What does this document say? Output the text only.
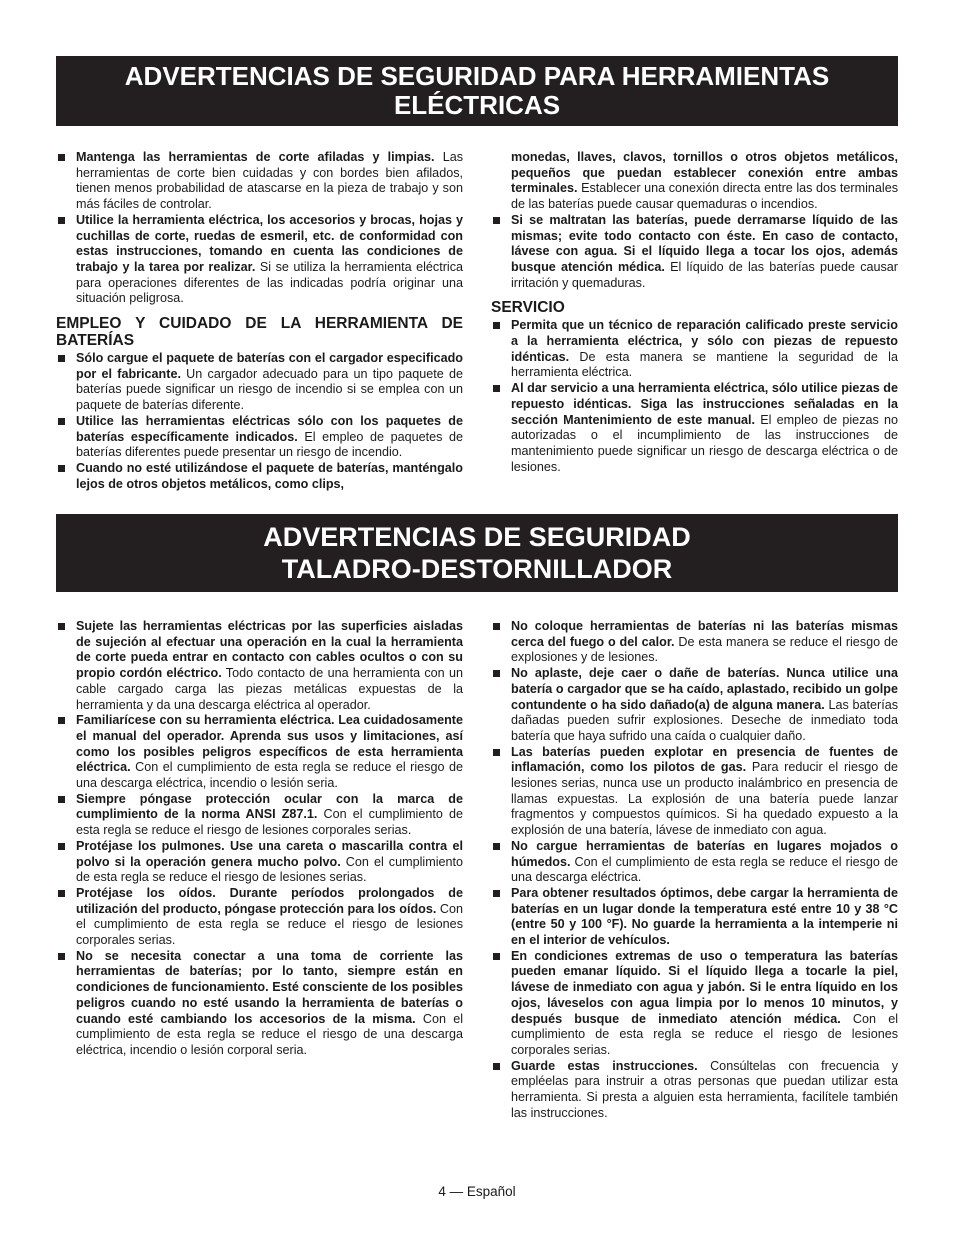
ADVERTENCIAS DE SEGURIDAD PARA HERRAMIENTAS
ELÉCTRICAS

Mantenga las herramientas de corte afiladas y limpias. Las herramientas de corte bien cuidadas y con bordes bien afilados, tienen menos probabilidad de atascarse en la pieza de trabajo y son más fáciles de controlar.

Utilice la herramienta eléctrica, los accesorios y brocas, hojas y cuchillas de corte, ruedas de esmeril, etc. de conformidad con estas instrucciones, tomando en cuenta las condiciones de trabajo y la tarea por realizar. Si se utiliza la herramienta eléctrica para operaciones diferentes de las indicadas podría originar una situación peligrosa.

EMPLEO Y CUIDADO DE LA HERRAMIENTA DE BATERÍAS

Sólo cargue el paquete de baterías con el cargador especificado por el fabricante. Un cargador adecuado para un tipo paquete de baterías puede significar un riesgo de incendio si se emplea con un paquete de baterías diferente.

Utilice las herramientas eléctricas sólo con los paquetes de baterías específicamente indicados. El empleo de paquetes de baterías diferentes puede presentar un riesgo de incendio.

Cuando no esté utilizándose el paquete de baterías, manténgalo lejos de otros objetos metálicos, como clips,

monedas, llaves, clavos, tornillos o otros objetos metálicos, pequeños que puedan establecer conexión entre ambas terminales. Establecer una conexión directa entre las dos terminales de las baterías puede causar quemaduras o incendios.

Si se maltratan las baterías, puede derramarse líquido de las mismas; evite todo contacto con éste. En caso de contacto, lávese con agua. Si el líquido llega a tocar los ojos, además busque atención médica. El líquido de las baterías puede causar irritación y quemaduras.

SERVICIO

Permita que un técnico de reparación calificado preste servicio a la herramienta eléctrica, y sólo con piezas de repuesto idénticas. De esta manera se mantiene la seguridad de la herramienta eléctrica.

Al dar servicio a una herramienta eléctrica, sólo utilice piezas de repuesto idénticas. Siga las instrucciones señaladas en la sección Mantenimiento de este manual. El empleo de piezas no autorizadas o el incumplimiento de las instrucciones de mantenimiento puede significar un riesgo de descarga eléctrica o de lesiones.

ADVERTENCIAS DE SEGURIDAD
TALADRO-DESTORNILLADOR

Sujete las herramientas eléctricas por las superficies aisladas de sujeción al efectuar una operación en la cual la herramienta de corte pueda entrar en contacto con cables ocultos o con su propio cordón eléctrico. Todo contacto de una herramienta con un cable cargado carga las piezas metálicas expuestas de la herramienta y da una descarga eléctrica al operador.

Familiarícese con su herramienta eléctrica. Lea cuidadosamente el manual del operador. Aprenda sus usos y limitaciones, así como los posibles peligros específicos de esta herramienta eléctrica. Con el cumplimiento de esta regla se reduce el riesgo de una descarga eléctrica, incendio o lesión seria.

Siempre póngase protección ocular con la marca de cumplimiento de la norma ANSI Z87.1. Con el cumplimiento de esta regla se reduce el riesgo de lesiones corporales serias.

Protéjase los pulmones. Use una careta o mascarilla contra el polvo si la operación genera mucho polvo. Con el cumplimiento de esta regla se reduce el riesgo de lesiones serias.

Protéjase los oídos. Durante períodos prolongados de utilización del producto, póngase protección para los oídos. Con el cumplimiento de esta regla se reduce el riesgo de lesiones corporales serias.

No se necesita conectar a una toma de corriente las herramientas de baterías; por lo tanto, siempre están en condiciones de funcionamiento. Esté consciente de los posibles peligros cuando no esté usando la herramienta de baterías o cuando esté cambiando los accesorios de la misma. Con el cumplimiento de esta regla se reduce el riesgo de una descarga eléctrica, incendio o lesión corporal seria.

No coloque herramientas de baterías ni las baterías mismas cerca del fuego o del calor. De esta manera se reduce el riesgo de explosiones y de lesiones.

No aplaste, deje caer o dañe de baterías. Nunca utilice una batería o cargador que se ha caído, aplastado, recibido un golpe contundente o ha sido dañado(a) de alguna manera. Las baterías dañadas pueden sufrir explosiones. Deseche de inmediato toda batería que haya sufrido una caída o cualquier daño.

Las baterías pueden explotar en presencia de fuentes de inflamación, como los pilotos de gas. Para reducir el riesgo de lesiones serias, nunca use un producto inalámbrico en presencia de llamas expuestas. La explosión de una batería puede lanzar fragmentos y compuestos químicos. Si ha quedado expuesto a la explosión de una batería, lávese de inmediato con agua.

No cargue herramientas de baterías en lugares mojados o húmedos. Con el cumplimiento de esta regla se reduce el riesgo de una descarga eléctrica.

Para obtener resultados óptimos, debe cargar la herramienta de baterías en un lugar donde la temperatura esté entre 10 y 38 °C (entre 50 y 100 °F). No guarde la herramienta a la intemperie ni en el interior de vehículos.

En condiciones extremas de uso o temperatura las baterías pueden emanar líquido. Si el líquido llega a tocarle la piel, lávese de inmediato con agua y jabón. Si le entra líquido en los ojos, láveselos con agua limpia por lo menos 10 minutos, y después busque de inmediato atención médica. Con el cumplimiento de esta regla se reduce el riesgo de lesiones corporales serias.

Guarde estas instrucciones. Consúltelas con frecuencia y empléelas para instruir a otras personas que puedan utilizar esta herramienta. Si presta a alguien esta herramienta, facilítele también las instrucciones.

4 — Español
